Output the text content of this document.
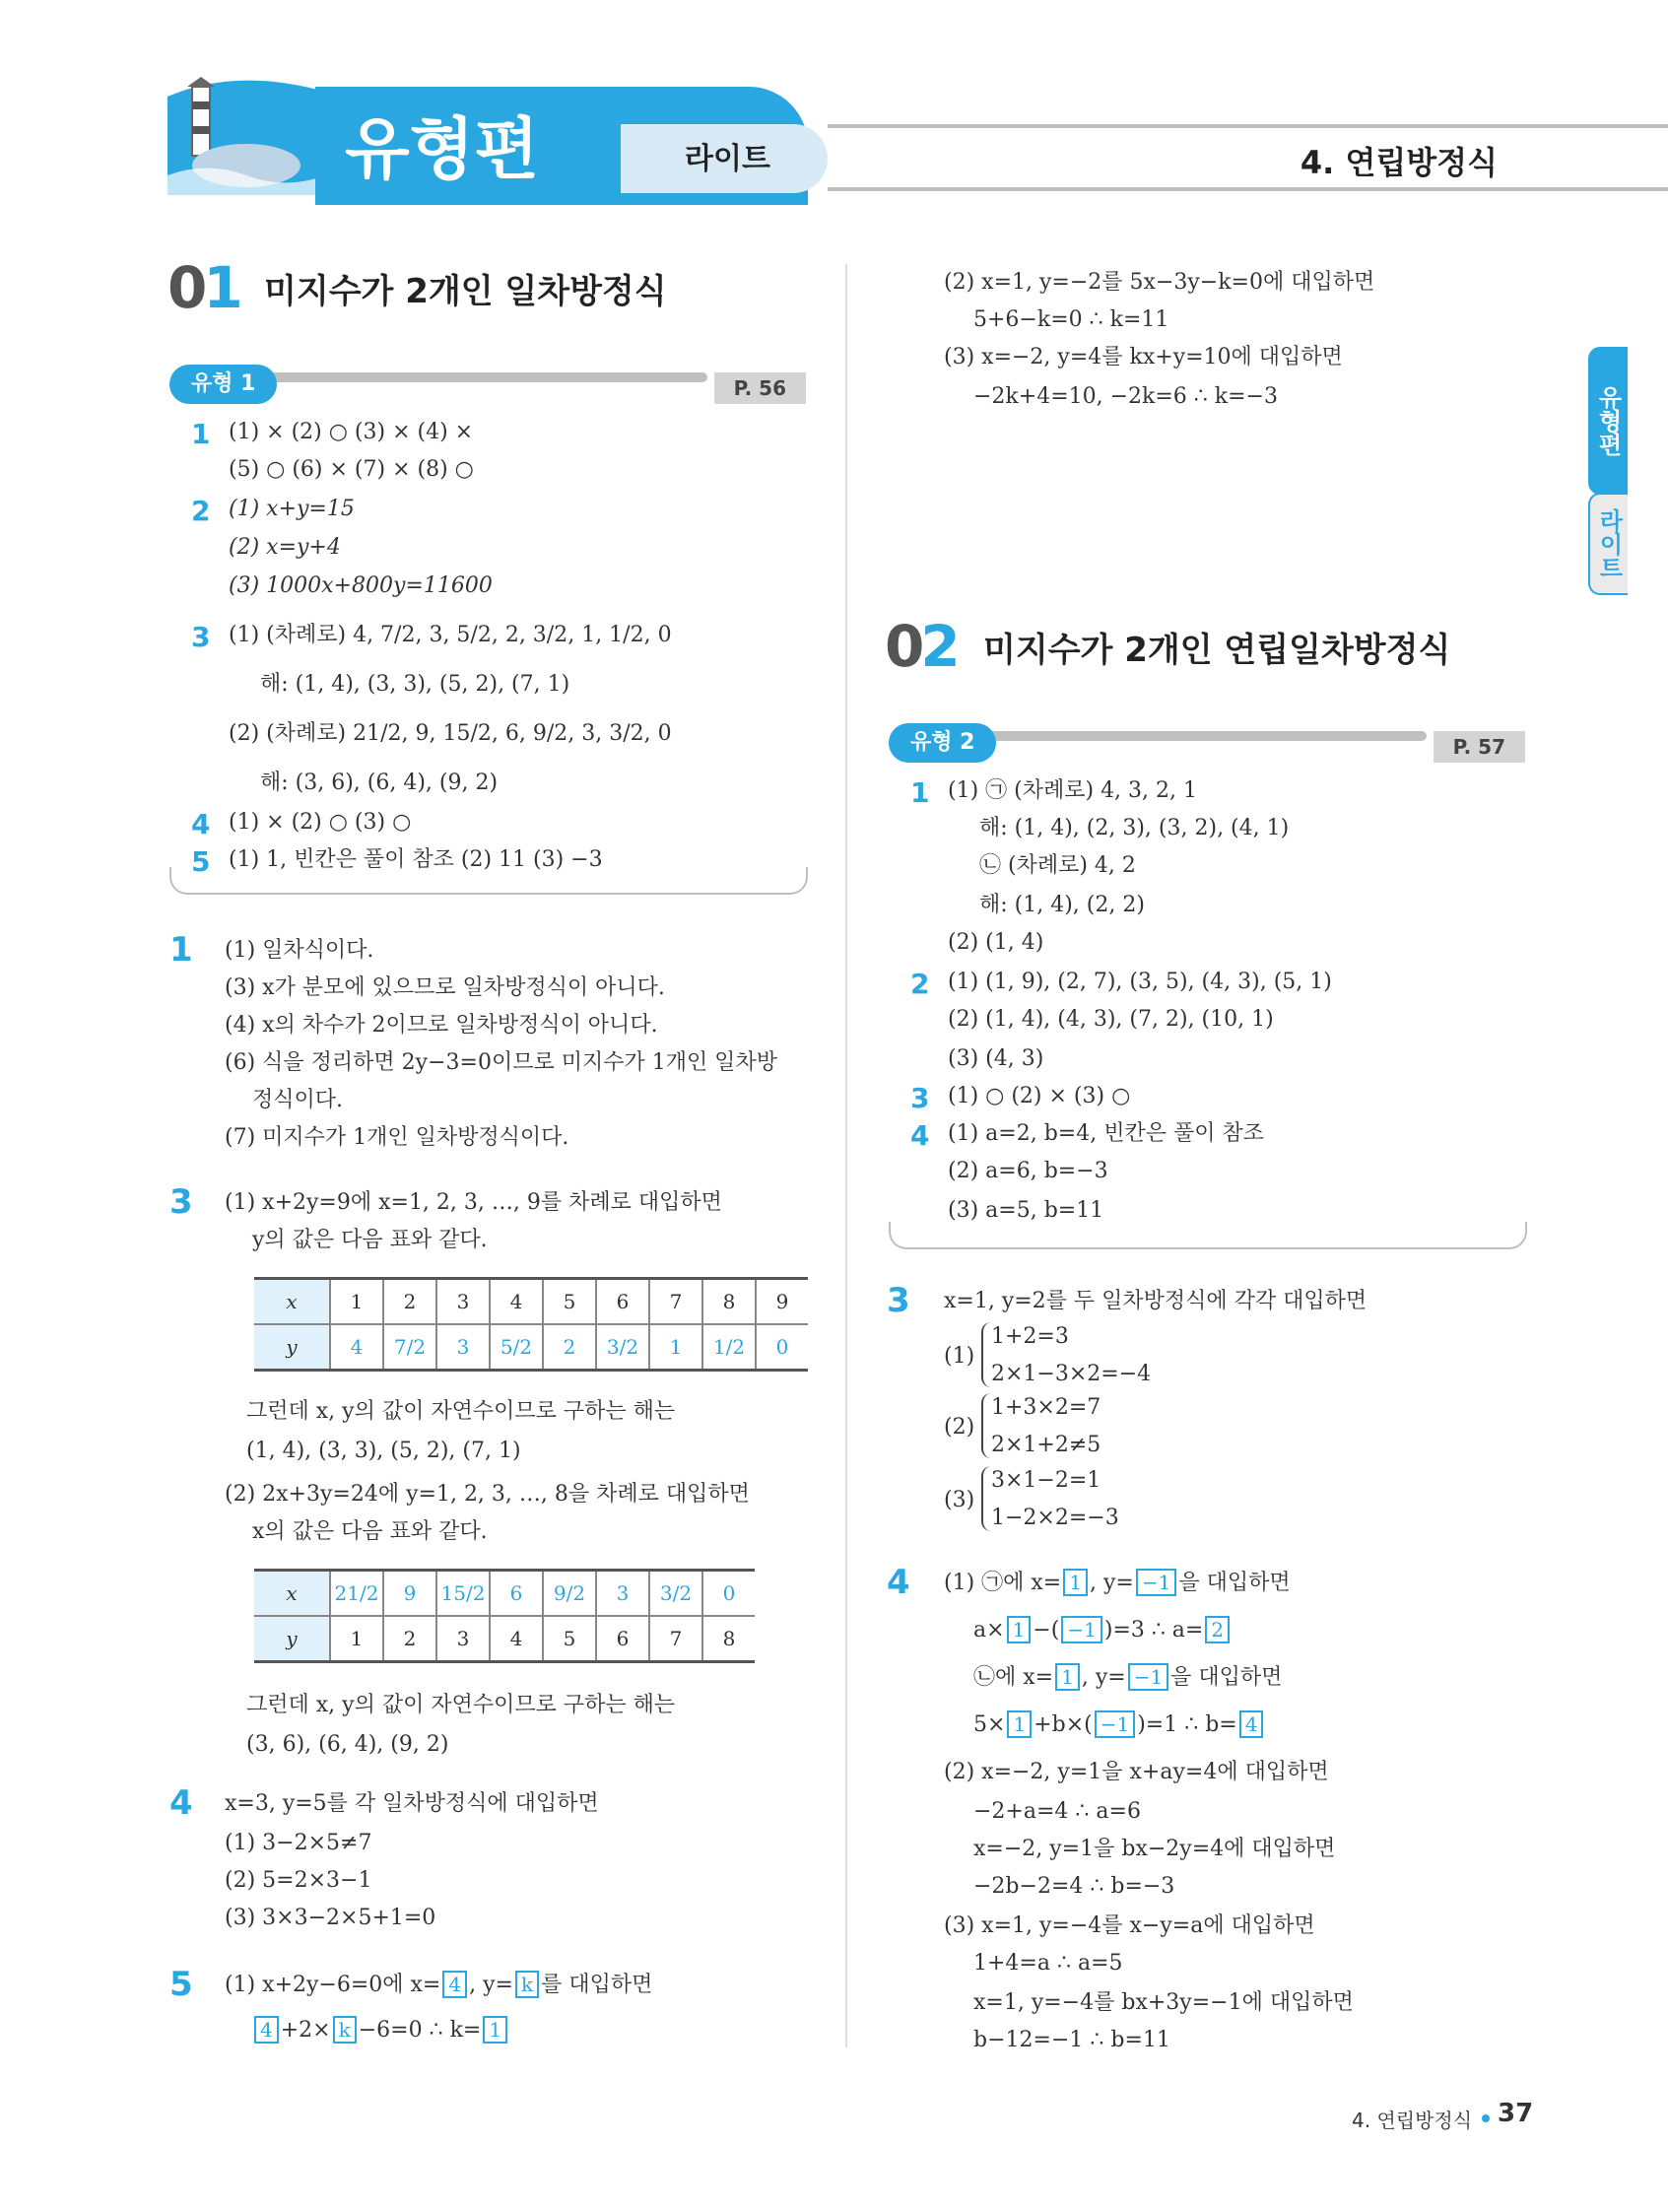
유형편	라이트	4. 연립방정식
유형편
라이트
01 미지수가 2개인 일차방정식
유형 1	P. 56
1 (1) × (2) ○ (3) × (4) ×
(5) ○ (6) × (7) × (8) ○
2 (1) x+y=15
(2) x=y+4
(3) 1000x+800y=11600
3 (1) (차례로) 4, 7/2, 3, 5/2, 2, 3/2, 1, 1/2, 0
해: (1, 4), (3, 3), (5, 2), (7, 1)
(2) (차례로) 21/2, 9, 15/2, 6, 9/2, 3, 3/2, 0
해: (3, 6), (6, 4), (9, 2)
4 (1) × (2) ○ (3) ○
5 (1) 1, 빈칸은 풀이 참조 (2) 11 (3) −3
1 (1) 일차식이다.
(3) x가 분모에 있으므로 일차방정식이 아니다.
(4) x의 차수가 2이므로 일차방정식이 아니다.
(6) 식을 정리하면 2y−3=0이므로 미지수가 1개인 일차방
정식이다.
(7) 미지수가 1개인 일차방정식이다.
3 (1) x+2y=9에 x=1, 2, 3, …, 9를 차례로 대입하면
y의 값은 다음 표와 같다.
x	1	2	3	4	5	6	7	8	9
y	4	7/2	3	5/2	2	3/2	1	1/2	0
그런데 x, y의 값이 자연수이므로 구하는 해는
(1, 4), (3, 3), (5, 2), (7, 1)
(2) 2x+3y=24에 y=1, 2, 3, …, 8을 차례로 대입하면
x의 값은 다음 표와 같다.
x	21/2	9	15/2	6	9/2	3	3/2	0
y	1	2	3	4	5	6	7	8
그런데 x, y의 값이 자연수이므로 구하는 해는
(3, 6), (6, 4), (9, 2)
4 x=3, y=5를 각 일차방정식에 대입하면
(1) 3−2×5≠7
(2) 5=2×3−1
(3) 3×3−2×5+1=0
5 (1) x+2y−6=0에 x= 4 , y= k 를 대입하면
4 +2× k −6=0 ∴ k= 1
(2) x=1, y=−2를 5x−3y−k=0에 대입하면
5+6−k=0 ∴ k=11
(3) x=−2, y=4를 kx+y=10에 대입하면
−2k+4=10, −2k=6 ∴ k=−3
02 미지수가 2개인 연립일차방정식
유형 2	P. 57
1 (1) ㉠ (차례로) 4, 3, 2, 1
해: (1, 4), (2, 3), (3, 2), (4, 1)
㉡ (차례로) 4, 2
해: (1, 4), (2, 2)
(2) (1, 4)
2 (1) (1, 9), (2, 7), (3, 5), (4, 3), (5, 1)
(2) (1, 4), (4, 3), (7, 2), (10, 1)
(3) (4, 3)
3 (1) ○ (2) × (3) ○
4 (1) a=2, b=4, 빈칸은 풀이 참조
(2) a=6, b=−3
(3) a=5, b=11
3 x=1, y=2를 두 일차방정식에 각각 대입하면
(1)
1+2=3
2×1−3×2=−4
(2)
1+3×2=7
2×1+2≠5
(3)
3×1−2=1
1−2×2=−3
4 (1) ㉠에 x= 1 , y= −1 을 대입하면
a× 1 −( −1 )=3 ∴ a= 2
㉡에 x= 1 , y= −1 을 대입하면
5× 1 +b×( −1 )=1 ∴ b= 4
(2) x=−2, y=1을 x+ay=4에 대입하면
−2+a=4 ∴ a=6
x=−2, y=1을 bx−2y=4에 대입하면
−2b−2=4 ∴ b=−3
(3) x=1, y=−4를 x−y=a에 대입하면
1+4=a ∴ a=5
x=1, y=−4를 bx+3y=−1에 대입하면
b−12=−1 ∴ b=11
4. 연립방정식 37
